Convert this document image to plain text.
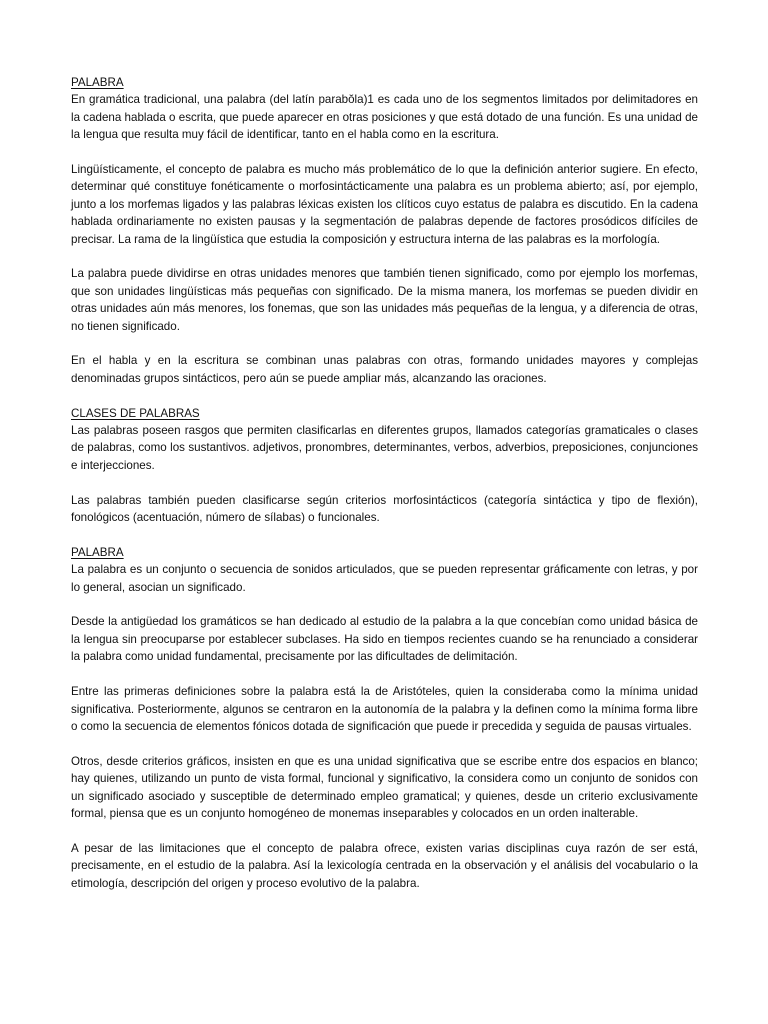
PALABRA

En gramática tradicional, una palabra (del latín parabŏla)1 es cada uno de los segmentos limitados por delimitadores en la cadena hablada o escrita, que puede aparecer en otras posiciones y que está dotado de una función. Es una unidad de la lengua que resulta muy fácil de identificar, tanto en el habla como en la escritura.

Lingüísticamente, el concepto de palabra es mucho más problemático de lo que la definición anterior sugiere. En efecto, determinar qué constituye fonéticamente o morfosintácticamente una palabra es un problema abierto; así, por ejemplo, junto a los morfemas ligados y las palabras léxicas existen los clíticos cuyo estatus de palabra es discutido. En la cadena hablada ordinariamente no existen pausas y la segmentación de palabras depende de factores prosódicos difíciles de precisar. La rama de la lingüística que estudia la composición y estructura interna de las palabras es la morfología.

La palabra puede dividirse en otras unidades menores que también tienen significado, como por ejemplo los morfemas, que son unidades lingüísticas más pequeñas con significado. De la misma manera, los morfemas se pueden dividir en otras unidades aún más menores, los fonemas, que son las unidades más pequeñas de la lengua, y a diferencia de otras, no tienen significado.

En el habla y en la escritura se combinan unas palabras con otras, formando unidades mayores y complejas denominadas grupos sintácticos, pero aún se puede ampliar más, alcanzando las oraciones.

CLASES DE PALABRAS

Las palabras poseen rasgos que permiten clasificarlas en diferentes grupos, llamados categorías gramaticales o clases de palabras, como los sustantivos. adjetivos, pronombres, determinantes, verbos, adverbios, preposiciones, conjunciones e interjecciones.

Las palabras también pueden clasificarse según criterios morfosintácticos (categoría sintáctica y tipo de flexión), fonológicos (acentuación, número de sílabas) o funcionales.

PALABRA

La palabra es un conjunto o secuencia de sonidos articulados, que se pueden representar gráficamente con letras, y por lo general, asocian un significado.

Desde la antigüedad los gramáticos se han dedicado al estudio de la palabra a la que concebían como unidad básica de la lengua sin preocuparse por establecer subclases. Ha sido en tiempos recientes cuando se ha renunciado a considerar la palabra como unidad fundamental, precisamente por las dificultades de delimitación.

Entre las primeras definiciones sobre la palabra está la de Aristóteles, quien la consideraba como la mínima unidad significativa. Posteriormente, algunos se centraron en la autonomía de la palabra y la definen como la mínima forma libre o como la secuencia de elementos fónicos dotada de significación que puede ir precedida y seguida de pausas virtuales.

Otros, desde criterios gráficos, insisten en que es una unidad significativa que se escribe entre dos espacios en blanco; hay quienes, utilizando un punto de vista formal, funcional y significativo, la considera como un conjunto de sonidos con un significado asociado y susceptible de determinado empleo gramatical; y quienes, desde un criterio exclusivamente formal, piensa que es un conjunto homogéneo de monemas inseparables y colocados en un orden inalterable.

A pesar de las limitaciones que el concepto de palabra ofrece, existen varias disciplinas cuya razón de ser está, precisamente, en el estudio de la palabra. Así la lexicología centrada en la observación y el análisis del vocabulario o la etimología, descripción del origen y proceso evolutivo de la palabra.
